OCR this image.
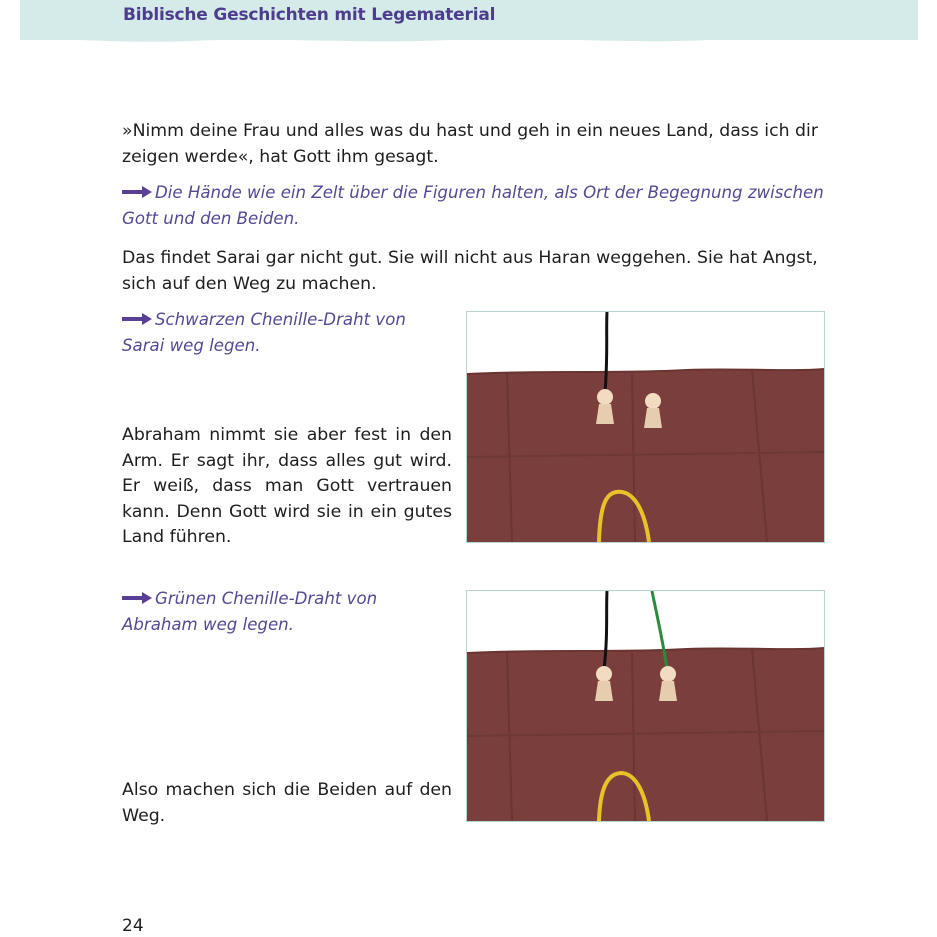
Biblische Geschichten mit Legematerial

»Nimm deine Frau und alles was du hast und geh in ein neues Land, dass ich dir zeigen werde«, hat Gott ihm gesagt.

Die Hände wie ein Zelt über die Figuren halten, als Ort der Begegnung zwischen Gott und den Beiden.

Das findet Sarai gar nicht gut. Sie will nicht aus Haran weggehen. Sie hat Angst, sich auf den Weg zu machen.

Schwarzen Chenille-Draht von Sarai weg legen.

Abraham nimmt sie aber fest in den Arm. Er sagt ihr, dass alles gut wird. Er weiß, dass man Gott vertrauen kann. Denn Gott wird sie in ein gutes Land führen.

Grünen Chenille-Draht von Abraham weg legen.

Also machen sich die Beiden auf den Weg.

24
